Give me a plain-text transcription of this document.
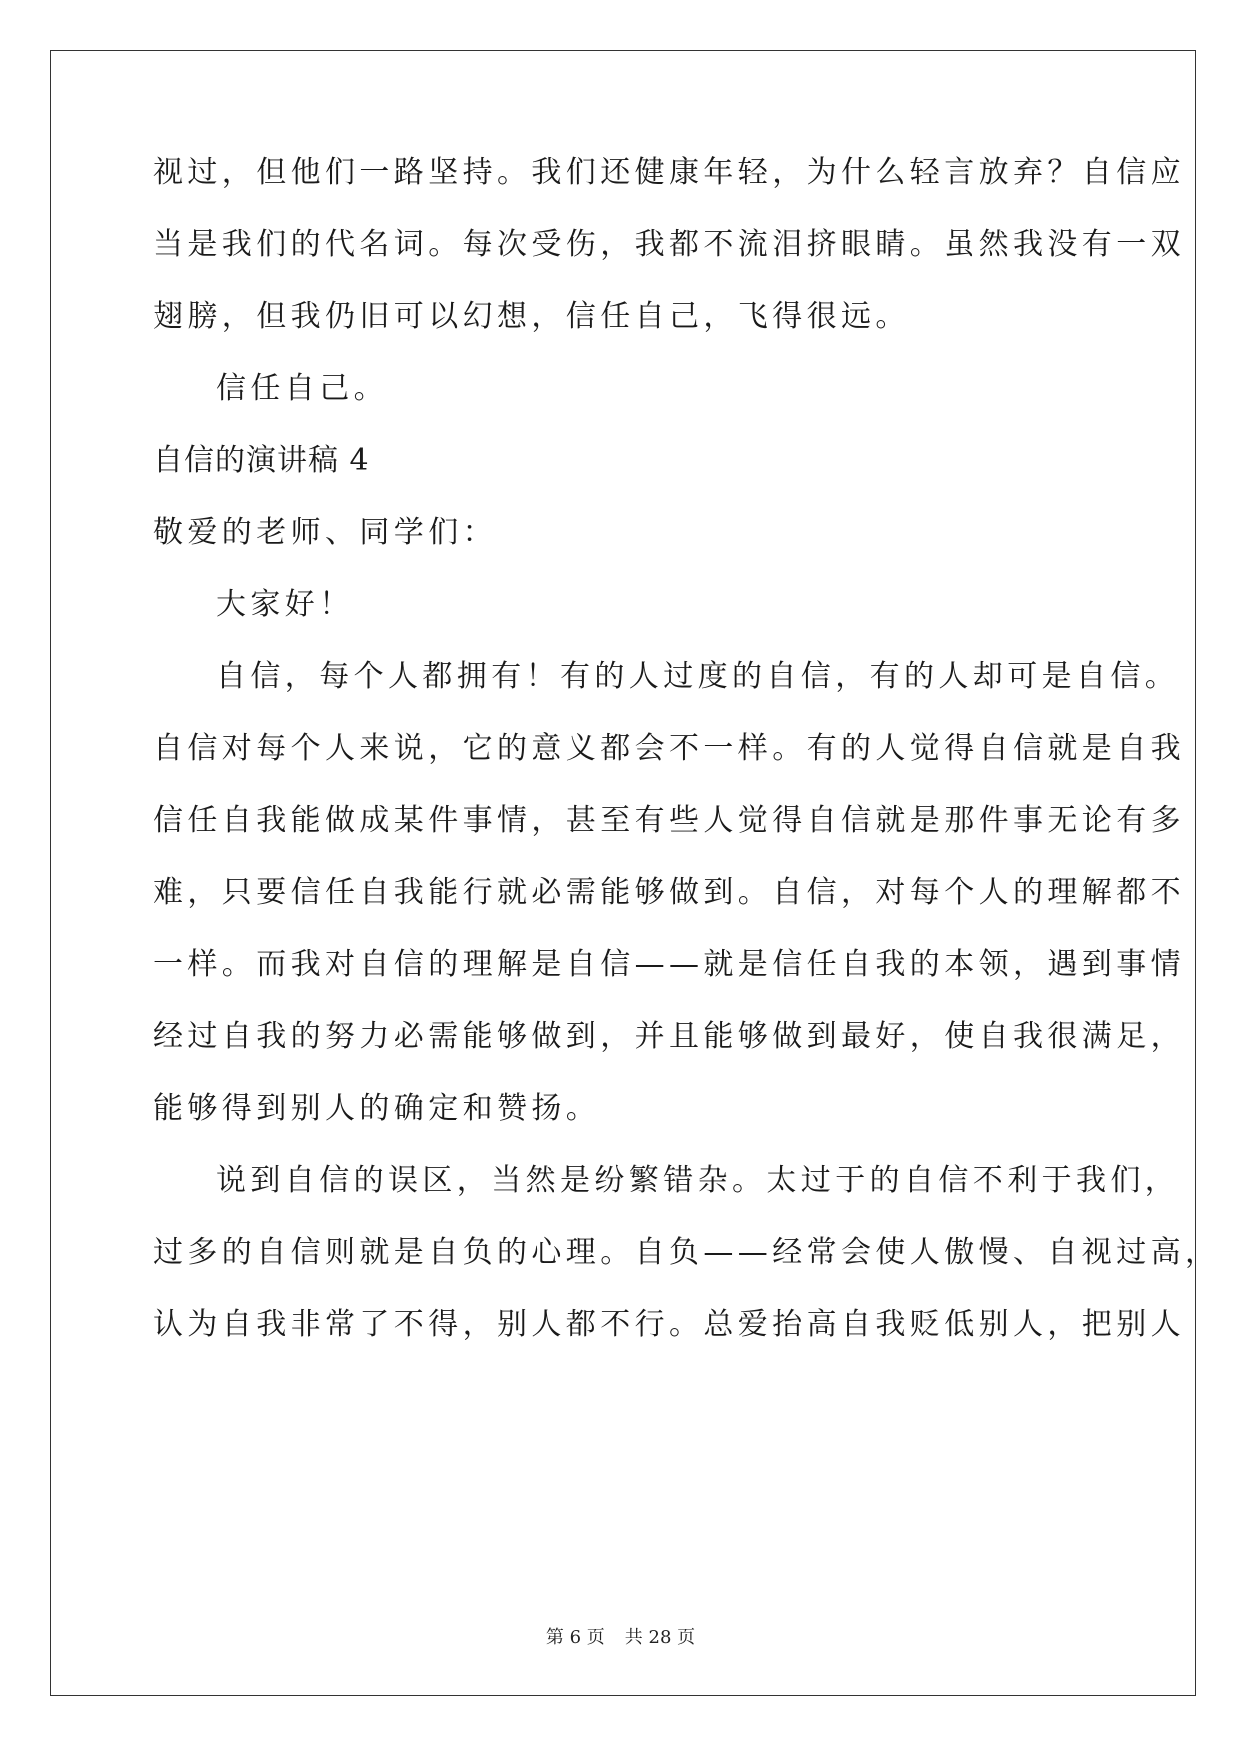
视过，但他们一路坚持。我们还健康年轻，为什么轻言放弃？自信应
当是我们的代名词。每次受伤，我都不流泪挤眼睛。虽然我没有一双
翅膀，但我仍旧可以幻想，信任自己，飞得很远。
信任自己。
自信的演讲稿 4
敬爱的老师、同学们：
大家好！
自信，每个人都拥有！有的人过度的自信，有的人却可是自信。
自信对每个人来说，它的意义都会不一样。有的人觉得自信就是自我
信任自我能做成某件事情，甚至有些人觉得自信就是那件事无论有多
难，只要信任自我能行就必需能够做到。自信，对每个人的理解都不
一样。而我对自信的理解是自信——就是信任自我的本领，遇到事情
经过自我的努力必需能够做到，并且能够做到最好，使自我很满足，
能够得到别人的确定和赞扬。
说到自信的误区，当然是纷繁错杂。太过于的自信不利于我们，
过多的自信则就是自负的心理。自负——经常会使人傲慢、自视过高，
认为自我非常了不得，别人都不行。总爱抬高自我贬低别人，把别人
第 6 页 共 28 页
